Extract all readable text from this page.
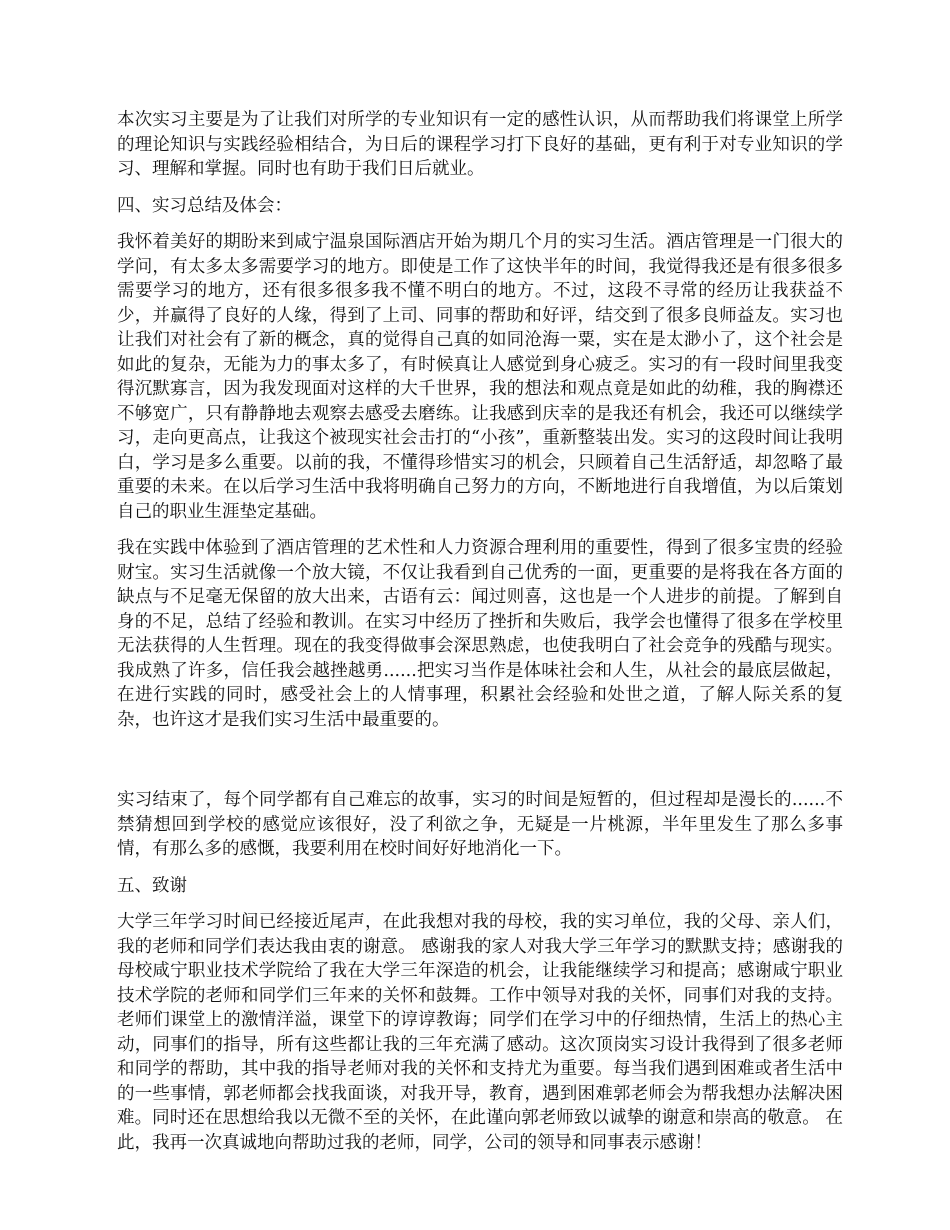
本次实习主要是为了让我们对所学的专业知识有一定的感性认识，从而帮助我们将课堂上所学的理论知识与实践经验相结合，为日后的课程学习打下良好的基础，更有利于对专业知识的学习、理解和掌握。同时也有助于我们日后就业。

四、实习总结及体会：

我怀着美好的期盼来到咸宁温泉国际酒店开始为期几个月的实习生活。酒店管理是一门很大的学问，有太多太多需要学习的地方。即使是工作了这快半年的时间，我觉得我还是有很多很多需要学习的地方，还有很多很多我不懂不明白的地方。不过，这段不寻常的经历让我获益不少，并赢得了良好的人缘，得到了上司、同事的帮助和好评，结交到了很多良师益友。实习也让我们对社会有了新的概念，真的觉得自己真的如同沧海一粟，实在是太渺小了，这个社会是如此的复杂，无能为力的事太多了，有时候真让人感觉到身心疲乏。实习的有一段时间里我变得沉默寡言，因为我发现面对这样的大千世界，我的想法和观点竟是如此的幼稚，我的胸襟还不够宽广，只有静静地去观察去感受去磨练。让我感到庆幸的是我还有机会，我还可以继续学习，走向更高点，让我这个被现实社会击打的“小孩”，重新整装出发。实习的这段时间让我明白，学习是多么重要。以前的我，不懂得珍惜实习的机会，只顾着自己生活舒适，却忽略了最重要的未来。在以后学习生活中我将明确自己努力的方向，不断地进行自我增值，为以后策划自己的职业生涯垫定基础。

我在实践中体验到了酒店管理的艺术性和人力资源合理利用的重要性，得到了很多宝贵的经验财宝。实习生活就像一个放大镜，不仅让我看到自己优秀的一面，更重要的是将我在各方面的缺点与不足毫无保留的放大出来，古语有云：闻过则喜，这也是一个人进步的前提。了解到自身的不足，总结了经验和教训。在实习中经历了挫折和失败后，我学会也懂得了很多在学校里无法获得的人生哲理。现在的我变得做事会深思熟虑，也使我明白了社会竞争的残酷与现实。我成熟了许多，信任我会越挫越勇......把实习当作是体味社会和人生，从社会的最底层做起，在进行实践的同时，感受社会上的人情事理，积累社会经验和处世之道，了解人际关系的复杂，也许这才是我们实习生活中最重要的。

实习结束了，每个同学都有自己难忘的故事，实习的时间是短暂的，但过程却是漫长的......不禁猜想回到学校的感觉应该很好，没了利欲之争，无疑是一片桃源，半年里发生了那么多事情，有那么多的感慨，我要利用在校时间好好地消化一下。

五、致谢

大学三年学习时间已经接近尾声，在此我想对我的母校，我的实习单位，我的父母、亲人们，我的老师和同学们表达我由衷的谢意。 感谢我的家人对我大学三年学习的默默支持；感谢我的母校咸宁职业技术学院给了我在大学三年深造的机会，让我能继续学习和提高；感谢咸宁职业技术学院的老师和同学们三年来的关怀和鼓舞。工作中领导对我的关怀，同事们对我的支持。老师们课堂上的激情洋溢，课堂下的谆谆教诲；同学们在学习中的仔细热情，生活上的热心主动，同事们的指导，所有这些都让我的三年充满了感动。这次顶岗实习设计我得到了很多老师和同学的帮助，其中我的指导老师对我的关怀和支持尤为重要。每当我们遇到困难或者生活中的一些事情，郭老师都会找我面谈，对我开导，教育，遇到困难郭老师会为帮我想办法解决困难。同时还在思想给我以无微不至的关怀，在此谨向郭老师致以诚挚的谢意和崇高的敬意。 在此，我再一次真诚地向帮助过我的老师，同学，公司的领导和同事表示感谢！
